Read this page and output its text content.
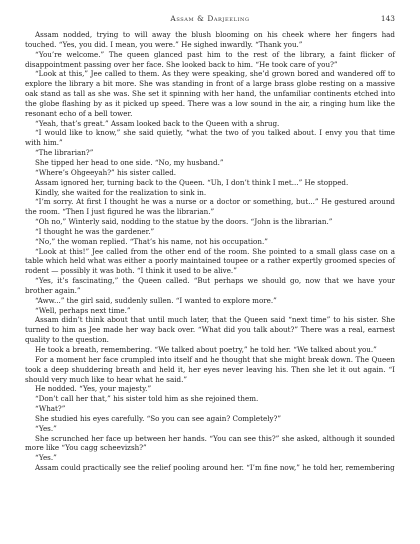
Assam & Darjeeling	143

Assam nodded, trying to will away the blush blooming on his cheek where her fingers had touched. “Yes, you did. I mean, you were.” He sighed inwardly. “Thank you.”

“You’re welcome.” The queen glanced past him to the rest of the library, a faint flicker of disappointment passing over her face. She looked back to him. “He took care of you?”

“Look at this,” Jee called to them. As they were speaking, she’d grown bored and wandered off to explore the library a bit more. She was standing in front of a large brass globe resting on a massive oak stand as tall as she was. She set it spinning with her hand, the unfamiliar continents etched into the globe flashing by as it picked up speed. There was a low sound in the air, a ringing hum like the resonant echo of a bell tower.

“Yeah, that’s great.” Assam looked back to the Queen with a shrug.

“I would like to know,” she said quietly, “what the two of you talked about. I envy you that time with him.”

“The librarian?”

She tipped her head to one side. “No, my husband.”

“Where’s Ohgeeyah?” his sister called.

Assam ignored her, turning back to the Queen. “Uh, I don’t think I met...” He stopped.

Kindly, she waited for the realization to sink in.

“I’m sorry. At first I thought he was a nurse or a doctor or something, but...” He gestured around the room. “Then I just figured he was the librarian.”

“Oh no,” Winterly said, nodding to the statue by the doors. “John is the librarian.”

“I thought he was the gardener.”

“No,” the woman replied. “That’s his name, not his occupation.”

“Look at this!” Jee called from the other end of the room. She pointed to a small glass case on a table which held what was either a poorly maintained toupee or a rather expertly groomed species of rodent — possibly it was both. “I think it used to be alive.”

“Yes, it’s fascinating,” the Queen called. “But perhaps we should go, now that we have your brother again.”

“Aww...” the girl said, suddenly sullen. “I wanted to explore more.”

“Well, perhaps next time.”

Assam didn’t think about that until much later, that the Queen said “next time” to his sister. She turned to him as Jee made her way back over. “What did you talk about?” There was a real, earnest quality to the question.

He took a breath, remembering. “We talked about poetry,” he told her. “We talked about you.”

For a moment her face crumpled into itself and he thought that she might break down. The Queen took a deep shuddering breath and held it, her eyes never leaving his. Then she let it out again. “I should very much like to hear what he said.”

He nodded. “Yes, your majesty.”

“Don’t call her that,” his sister told him as she rejoined them.

“What?”

She studied his eyes carefully. “So you can see again? Completely?”

“Yes.”

She scrunched her face up between her hands. “You can see this?” she asked, although it sounded more like “You cagg scheevizsh?”

“Yes.”

Assam could practically see the relief pooling around her. “I’m fine now,” he told her, remembering
